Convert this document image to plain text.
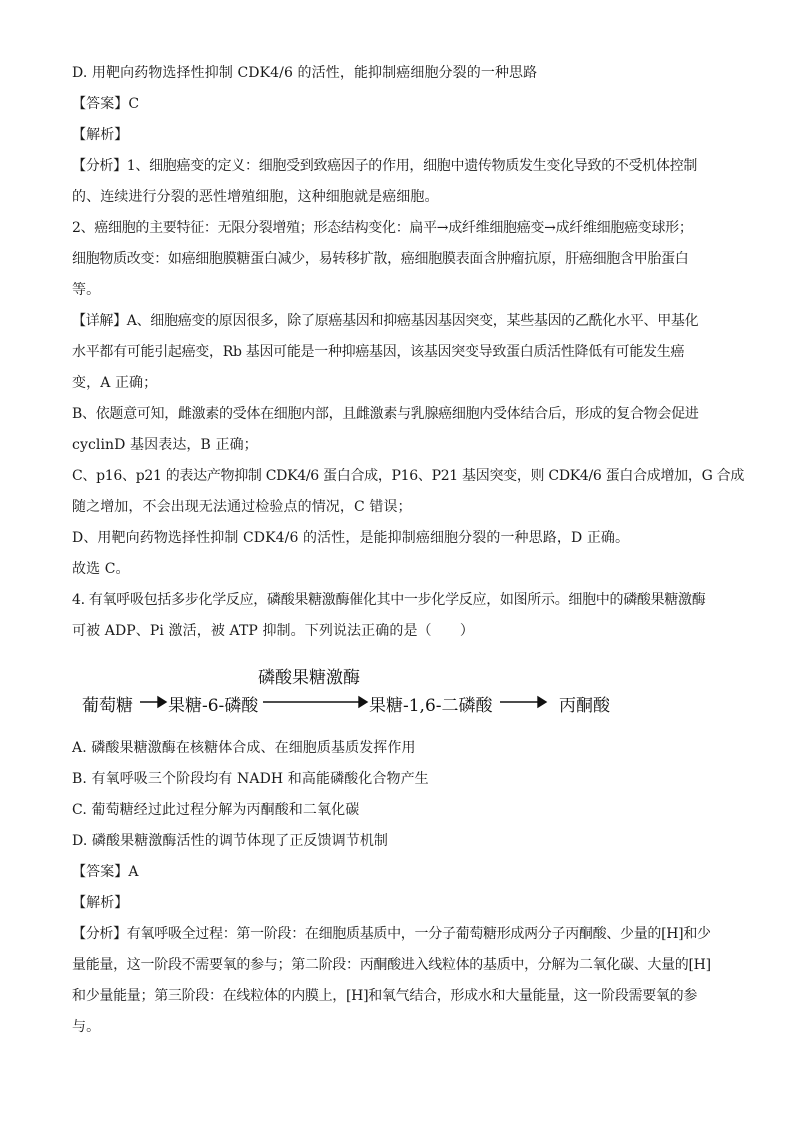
D. 用靶向药物选择性抑制 CDK4/6 的活性，能抑制癌细胞分裂的一种思路
【答案】C
【解析】
【分析】1、细胞癌变的定义：细胞受到致癌因子的作用，细胞中遗传物质发生变化导致的不受机体控制
的、连续进行分裂的恶性增殖细胞，这种细胞就是癌细胞。
2、癌细胞的主要特征：无限分裂增殖；形态结构变化：扁平→成纤维细胞癌变→成纤维细胞癌变球形；
细胞物质改变：如癌细胞膜糖蛋白减少，易转移扩散，癌细胞膜表面含肿瘤抗原，肝癌细胞含甲胎蛋白
等。
【详解】A、细胞癌变的原因很多，除了原癌基因和抑癌基因基因突变，某些基因的乙酰化水平、甲基化
水平都有可能引起癌变，Rb 基因可能是一种抑癌基因，该基因突变导致蛋白质活性降低有可能发生癌
变，A 正确；
B、依题意可知，雌激素的受体在细胞内部，且雌激素与乳腺癌细胞内受体结合后，形成的复合物会促进
cyclinD 基因表达，B 正确；
C、p16、p21 的表达产物抑制 CDK4/6 蛋白合成，P16、P21 基因突变，则 CDK4/6 蛋白合成增加，G 合成
随之增加，不会出现无法通过检验点的情况，C 错误；
D、用靶向药物选择性抑制 CDK4/6 的活性，是能抑制癌细胞分裂的一种思路，D 正确。
故选 C。
4. 有氧呼吸包括多步化学反应，磷酸果糖激酶催化其中一步化学反应，如图所示。细胞中的磷酸果糖激酶
可被 ADP、Pi 激活，被 ATP 抑制。下列说法正确的是（　　）
葡萄糖 果糖-6-磷酸
磷酸果糖激酶
果糖-1,6-二磷酸	丙酮酸
A. 磷酸果糖激酶在核糖体合成、在细胞质基质发挥作用
B. 有氧呼吸三个阶段均有 NADH 和高能磷酸化合物产生
C. 葡萄糖经过此过程分解为丙酮酸和二氧化碳
D. 磷酸果糖激酶活性的调节体现了正反馈调节机制
【答案】A
【解析】
【分析】有氧呼吸全过程：第一阶段：在细胞质基质中，一分子葡萄糖形成两分子丙酮酸、少量的[H]和少
量能量，这一阶段不需要氧的参与；第二阶段：丙酮酸进入线粒体的基质中，分解为二氧化碳、大量的[H]
和少量能量；第三阶段：在线粒体的内膜上，[H]和氧气结合，形成水和大量能量，这一阶段需要氧的参
与。
